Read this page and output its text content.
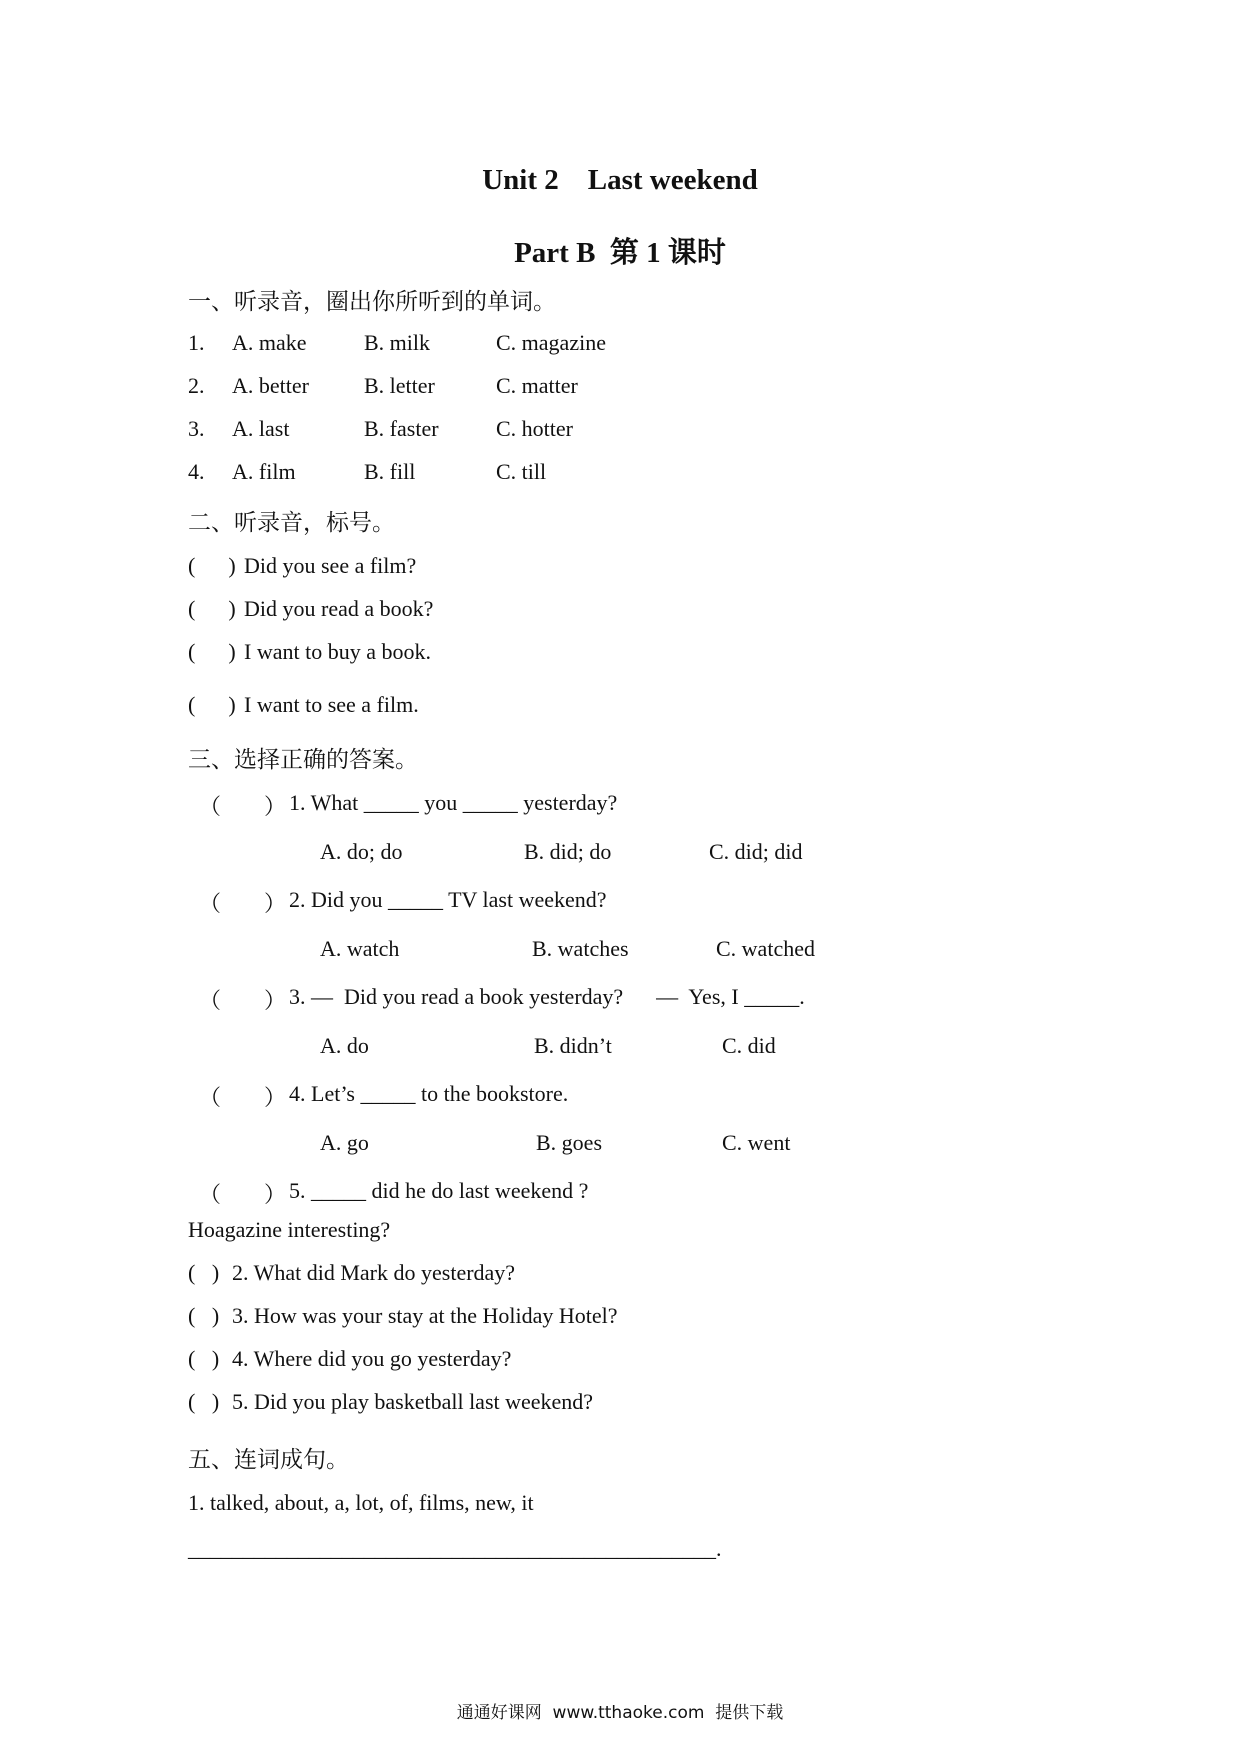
Unit 2    Last weekend
Part B  第 1 课时
一、听录音，圈出你所听到的单词。
1. A. make	B. milk	C. magazine
2. A. better	B. letter	C. matter
3. A. last	B. faster	C. hotter
4. A. film	B. fill	C. till
二、听录音，标号。
(      ) Did you see a film?
(      ) Did you read a book?
(      ) I want to buy a book.
(      ) I want to see a film.
三、选择正确的答案。
（ ） 1. What _____ you _____ yesterday?
A. do; do	B. did; do	C. did; did
（ ） 2. Did you _____ TV last weekend?
A. watch	B. watches	C. watched
（ ） 3. —  Did you read a book yesterday?      —  Yes, I _____.
A. do	B. didn’t	C. did
（ ） 4. Let’s _____ to the bookstore.
A. go	B. goes	C. went
（ ） 5. _____ did he do last weekend ?
Hoagazine interesting?
(   ) 2. What did Mark do yesterday?
(   ) 3. How was your stay at the Holiday Hotel?
(   ) 4. Where did you go yesterday?
(   ) 5. Did you play basketball last weekend?
五、连词成句。
1. talked, about, a, lot, of, films, new, it
________________________________________________.
通通好课网  www.tthaoke.com  提供下载
